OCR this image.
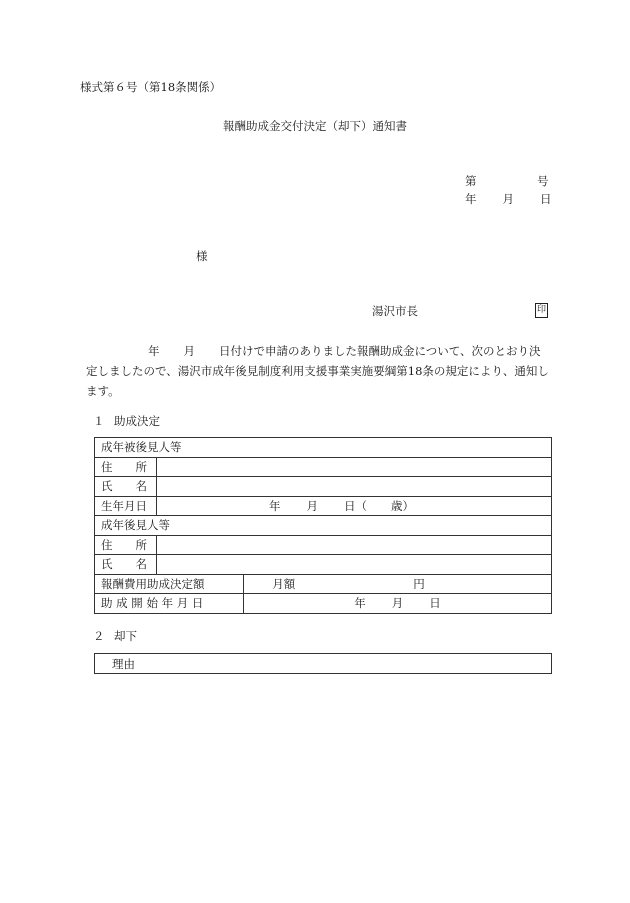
様式第６号（第18条関係）
報酬助成金交付決定（却下）通知書
第	号
年 月 日
様
湯沢市長	印
年 月 日付けで申請のありました報酬助成金について、次のとおり決定しましたので、湯沢市成年後見制度利用支援事業実施要綱第18条の規定により、通知します。
１ 助成決定
成年被後見人等		
住　　所		
氏　　名		
生年月日	年 月 日（ 歳）	
成年後見人等		
住　　所		
氏　　名		
報酬費用助成決定額		月額 円
助 成 開 始 年 月 日		年 月 日
２ 却下
理由
